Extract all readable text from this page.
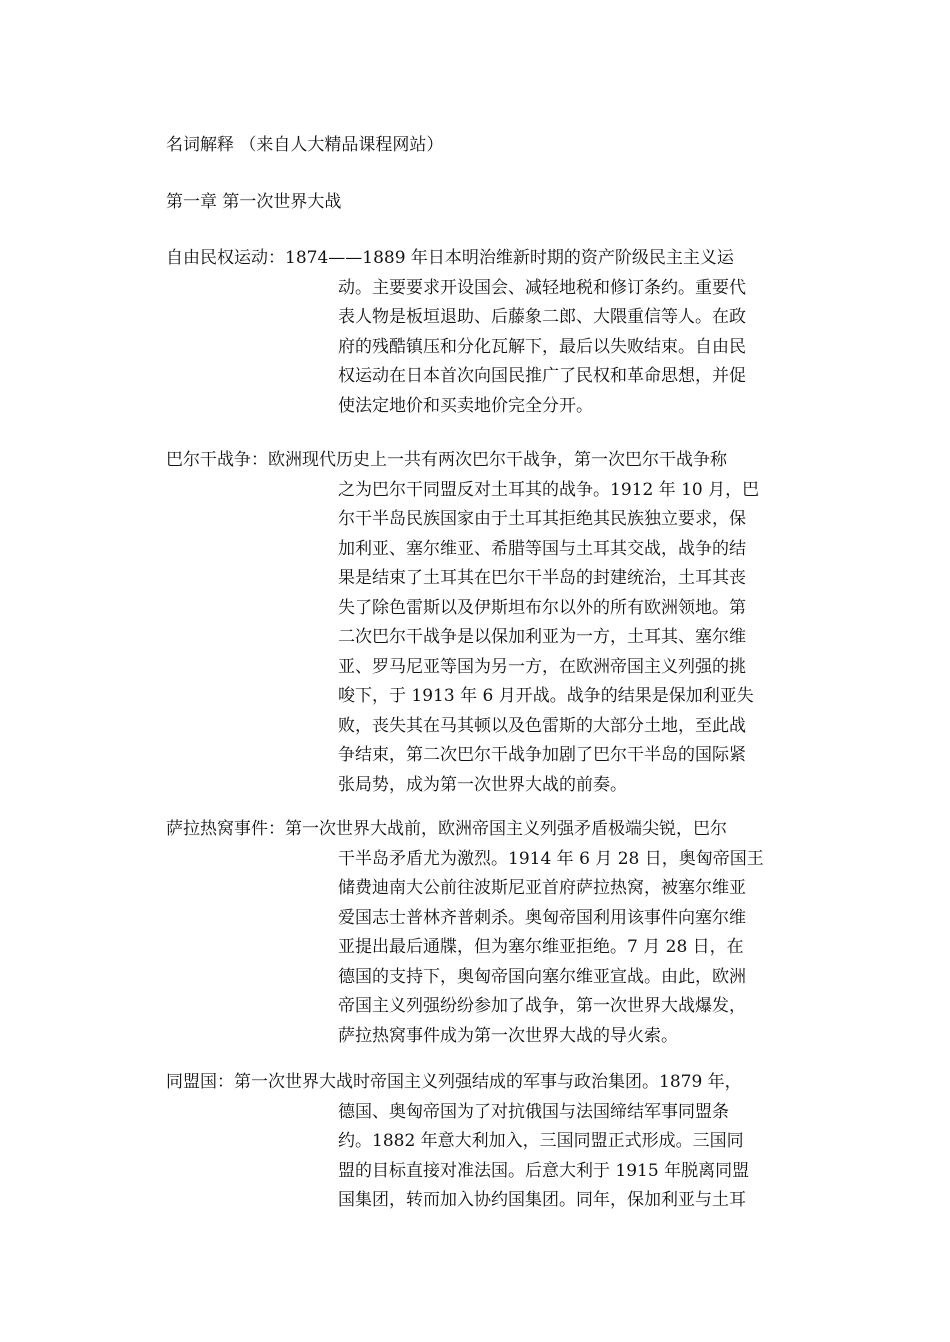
名词解释 （来自人大精品课程网站）
第一章 第一次世界大战
自由民权运动：1874——1889 年日本明治维新时期的资产阶级民主主义运
动。主要要求开设国会、减轻地税和修订条约。重要代
表人物是板垣退助、后藤象二郎、大隈重信等人。在政
府的残酷镇压和分化瓦解下，最后以失败结束。自由民
权运动在日本首次向国民推广了民权和革命思想，并促
使法定地价和买卖地价完全分开。
巴尔干战争：欧洲现代历史上一共有两次巴尔干战争，第一次巴尔干战争称
之为巴尔干同盟反对土耳其的战争。1912 年 10 月，巴
尔干半岛民族国家由于土耳其拒绝其民族独立要求，保
加利亚、塞尔维亚、希腊等国与土耳其交战，战争的结
果是结束了土耳其在巴尔干半岛的封建统治，土耳其丧
失了除色雷斯以及伊斯坦布尔以外的所有欧洲领地。第
二次巴尔干战争是以保加利亚为一方，土耳其、塞尔维
亚、罗马尼亚等国为另一方，在欧洲帝国主义列强的挑
唆下，于 1913 年 6 月开战。战争的结果是保加利亚失
败，丧失其在马其顿以及色雷斯的大部分土地，至此战
争结束，第二次巴尔干战争加剧了巴尔干半岛的国际紧
张局势，成为第一次世界大战的前奏。
萨拉热窝事件：第一次世界大战前，欧洲帝国主义列强矛盾极端尖锐，巴尔
干半岛矛盾尤为激烈。1914 年 6 月 28 日，奥匈帝国王
储费迪南大公前往波斯尼亚首府萨拉热窝，被塞尔维亚
爱国志士普林齐普刺杀。奥匈帝国利用该事件向塞尔维
亚提出最后通牒，但为塞尔维亚拒绝。7 月 28 日，在
德国的支持下，奥匈帝国向塞尔维亚宣战。由此，欧洲
帝国主义列强纷纷参加了战争，第一次世界大战爆发，
萨拉热窝事件成为第一次世界大战的导火索。
同盟国：第一次世界大战时帝国主义列强结成的军事与政治集团。1879 年，
德国、奥匈帝国为了对抗俄国与法国缔结军事同盟条
约。1882 年意大利加入，三国同盟正式形成。三国同
盟的目标直接对准法国。后意大利于 1915 年脱离同盟
国集团，转而加入协约国集团。同年，保加利亚与土耳
